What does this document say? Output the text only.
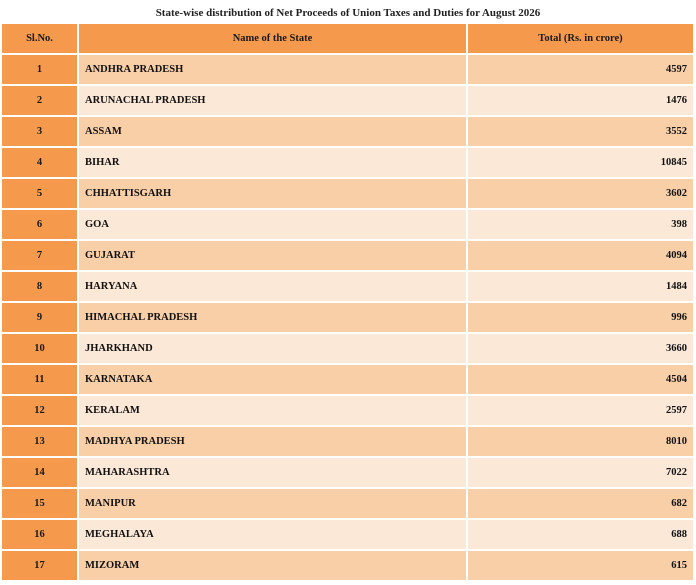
State-wise distribution of Net Proceeds of Union Taxes and Duties for August 2026
Sl.No.	Name of the State	Total (Rs. in crore)
1	ANDHRA PRADESH	4597
2	ARUNACHAL PRADESH	1476
3	ASSAM	3552
4	BIHAR	10845
5	CHHATTISGARH	3602
6	GOA	398
7	GUJARAT	4094
8	HARYANA	1484
9	HIMACHAL PRADESH	996
10	JHARKHAND	3660
11	KARNATAKA	4504
12	KERALAM	2597
13	MADHYA PRADESH	8010
14	MAHARASHTRA	7022
15	MANIPUR	682
16	MEGHALAYA	688
17	MIZORAM	615
